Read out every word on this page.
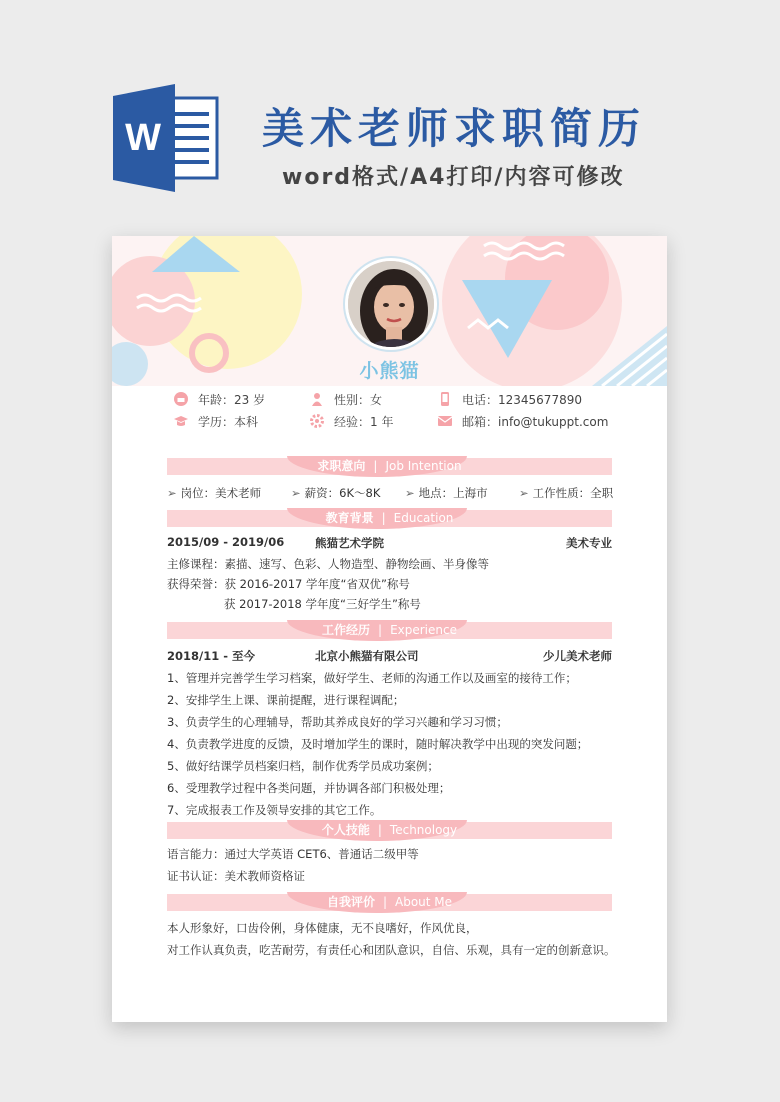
W 美术老师求职简历
word格式/A4打印/内容可修改
小熊猫
年龄：23 岁	性别：女	电话：12345677890
学历：本科	经验：1 年	邮箱：info@tukuppt.com
求职意向 | Job Intention
➢ 岗位：美术老师	➢ 薪资：6K～8K ➢ 地点：上海市	➢ 工作性质：全职
教育背景 | Education
2015/09 - 2019/06	熊猫艺术学院	美术专业
主修课程：素描、速写、色彩、人物造型、静物绘画、半身像等
获得荣誉：获 2016-2017 学年度“省双优”称号
获 2017-2018 学年度“三好学生”称号
工作经历 | Experience
2018/11 - 至今	北京小熊猫有限公司	少儿美术老师
1、管理并完善学生学习档案，做好学生、老师的沟通工作以及画室的接待工作；
2、安排学生上课、课前提醒，进行课程调配；
3、负责学生的心理辅导，帮助其养成良好的学习兴趣和学习习惯；
4、负责教学进度的反馈，及时增加学生的课时，随时解决教学中出现的突发问题；
5、做好结课学员档案归档，制作优秀学员成功案例；
6、受理教学过程中各类问题，并协调各部门积极处理；
7、完成报表工作及领导安排的其它工作。
个人技能 | Technology
语言能力：通过大学英语 CET6、普通话二级甲等
证书认证：美术教师资格证
自我评价 | About Me
本人形象好，口齿伶俐，身体健康，无不良嗜好，作风优良，
对工作认真负责，吃苦耐劳，有责任心和团队意识，自信、乐观，具有一定的创新意识。
